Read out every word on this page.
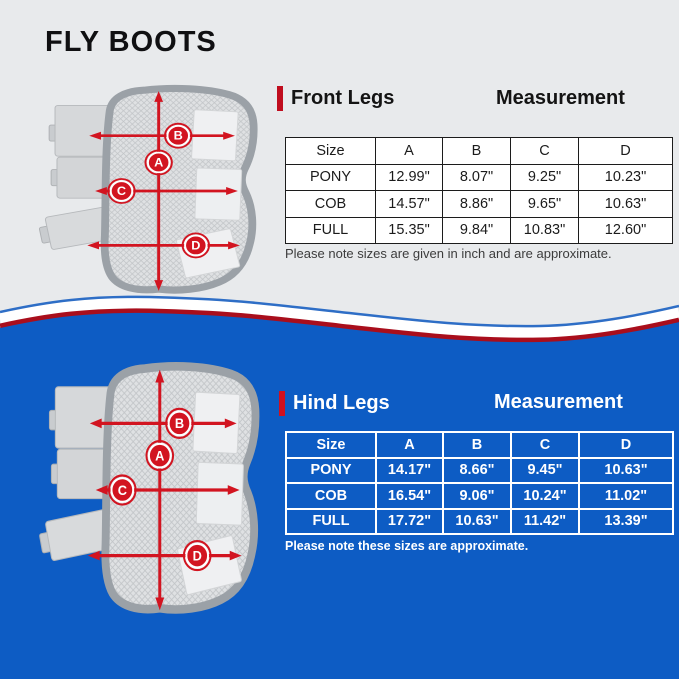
FLY BOOTS
Front Legs	Measurement
Size	A	B	C	D
PONY	12.99"	8.07"	9.25"	10.23"
COB	14.57"	8.86"	9.65"	10.63"
FULL	15.35"	9.84"	10.83"	12.60"
Please note sizes are given in inch and are approximate.
Hind Legs	Measurement
Size	A	B	C	D
PONY	14.17"	8.66"	9.45"	10.63"
COB	16.54"	9.06"	10.24"	11.02"
FULL	17.72"	10.63"	11.42"	13.39"
Please note these sizes are approximate.
